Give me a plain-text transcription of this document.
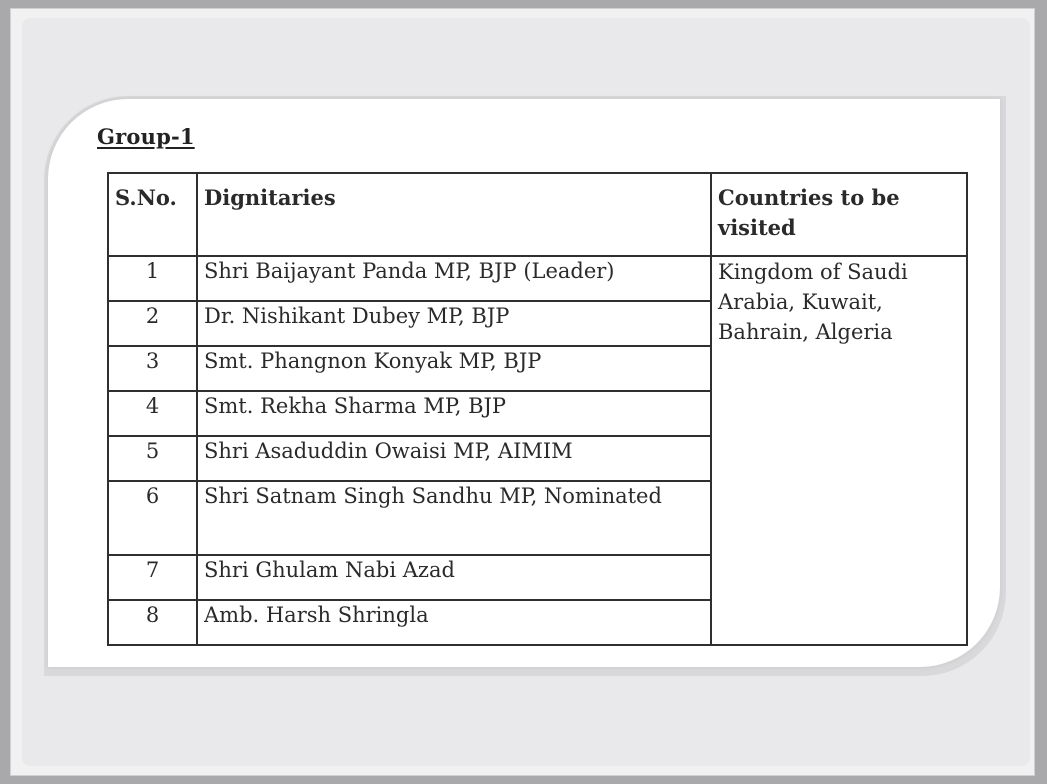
Group-1
S.No.	Dignitaries	Countries to be visited
1	Shri Baijayant Panda MP, BJP (Leader)	Kingdom of Saudi Arabia, Kuwait, Bahrain, Algeria
2	Dr. Nishikant Dubey MP, BJP	
3	Smt. Phangnon Konyak MP, BJP	
4	Smt. Rekha Sharma MP, BJP	
5	Shri Asaduddin Owaisi MP, AIMIM	
6	Shri Satnam Singh Sandhu MP, Nominated	
7	Shri Ghulam Nabi Azad	
8	Amb. Harsh Shringla	
